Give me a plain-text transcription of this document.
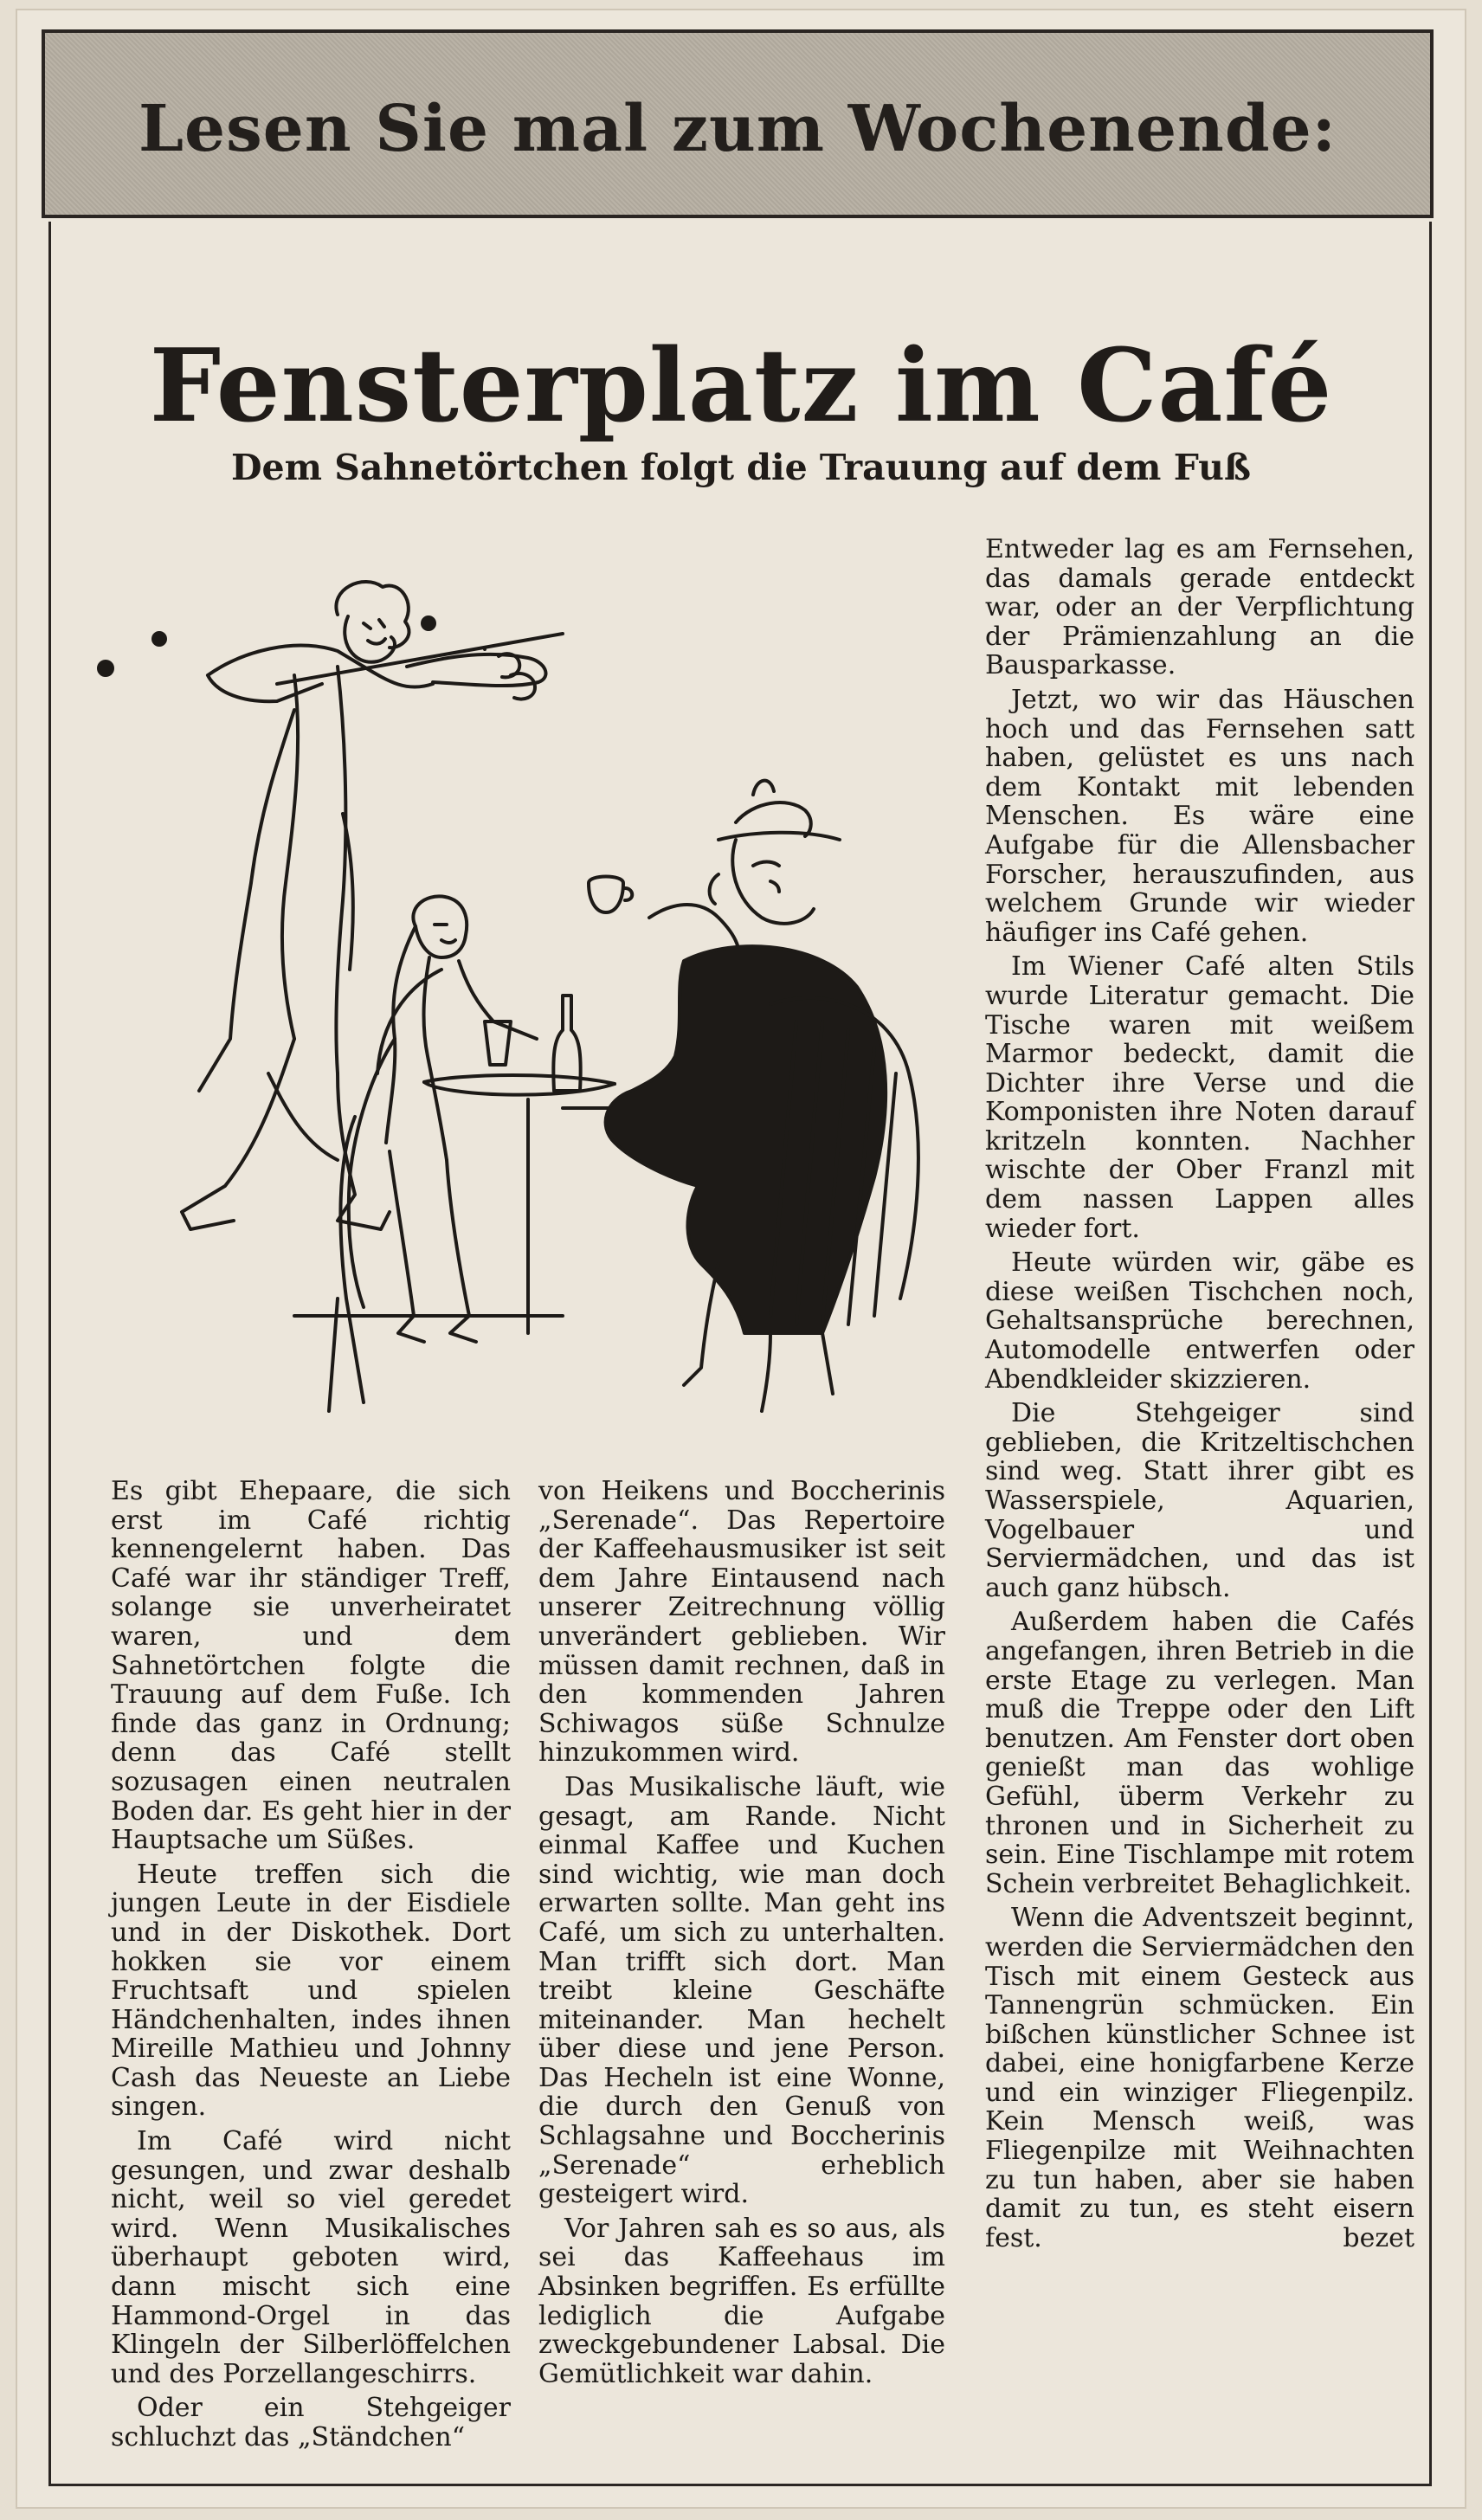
Lesen Sie mal zum Wochenende:
Fensterplatz im Café
Dem Sahnetörtchen folgt die Trauung auf dem Fuß

Es gibt Ehepaare, die sich erst im Café richtig kennengelernt haben. Das Café war ihr ständiger Treff, solange sie unverheiratet waren, und dem Sahnetörtchen folgte die Trauung auf dem Fuße. Ich finde das ganz in Ordnung; denn das Café stellt sozusagen einen neutralen Boden dar. Es geht hier in der Hauptsache um Süßes.

Heute treffen sich die jungen Leute in der Eisdiele und in der Diskothek. Dort hokken sie vor einem Fruchtsaft und spielen Händchenhalten, indes ihnen Mireille Mathieu und Johnny Cash das Neueste an Liebe singen.

Im Café wird nicht gesungen, und zwar deshalb nicht, weil so viel geredet wird. Wenn Musikalisches überhaupt geboten wird, dann mischt sich eine Hammond-Orgel in das Klingeln der Silberlöffelchen und des Porzellangeschirrs.

Oder ein Stehgeiger schluchzt das „Ständchen“

von Heikens und Boccherinis „Serenade“. Das Repertoire der Kaffeehausmusiker ist seit dem Jahre Eintausend nach unserer Zeitrechnung völlig unverändert geblieben. Wir müssen damit rechnen, daß in den kommenden Jahren Schiwagos süße Schnulze hinzukommen wird.

Das Musikalische läuft, wie gesagt, am Rande. Nicht einmal Kaffee und Kuchen sind wichtig, wie man doch erwarten sollte. Man geht ins Café, um sich zu unterhalten. Man trifft sich dort. Man treibt kleine Geschäfte miteinander. Man hechelt über diese und jene Person. Das Hecheln ist eine Wonne, die durch den Genuß von Schlagsahne und Boccherinis „Serenade“ erheblich gesteigert wird.

Vor Jahren sah es so aus, als sei das Kaffeehaus im Absinken begriffen. Es erfüllte lediglich die Aufgabe zweckgebundener Labsal. Die Gemütlichkeit war dahin.

Entweder lag es am Fernsehen, das damals gerade entdeckt war, oder an der Verpflichtung der Prämienzahlung an die Bausparkasse.

Jetzt, wo wir das Häuschen hoch und das Fernsehen satt haben, gelüstet es uns nach dem Kontakt mit lebenden Menschen. Es wäre eine Aufgabe für die Allensbacher Forscher, herauszufinden, aus welchem Grunde wir wieder häufiger ins Café gehen.

Im Wiener Café alten Stils wurde Literatur gemacht. Die Tische waren mit weißem Marmor bedeckt, damit die Dichter ihre Verse und die Komponisten ihre Noten darauf kritzeln konnten. Nachher wischte der Ober Franzl mit dem nassen Lappen alles wieder fort.

Heute würden wir, gäbe es diese weißen Tischchen noch, Gehaltsansprüche berechnen, Automodelle entwerfen oder Abendkleider skizzieren.

Die Stehgeiger sind geblieben, die Kritzeltischchen sind weg. Statt ihrer gibt es Wasserspiele, Aquarien, Vogelbauer und Serviermädchen, und das ist auch ganz hübsch.

Außerdem haben die Cafés angefangen, ihren Betrieb in die erste Etage zu verlegen. Man muß die Treppe oder den Lift benutzen. Am Fenster dort oben genießt man das wohlige Gefühl, überm Verkehr zu thronen und in Sicherheit zu sein. Eine Tischlampe mit rotem Schein verbreitet Behaglichkeit.

Wenn die Adventszeit beginnt, werden die Serviermädchen den Tisch mit einem Gesteck aus Tannengrün schmücken. Ein bißchen künstlicher Schnee ist dabei, eine honigfarbene Kerze und ein winziger Fliegenpilz. Kein Mensch weiß, was Fliegenpilze mit Weihnachten zu tun haben, aber sie haben damit zu tun, es steht eisern fest.	bezet
